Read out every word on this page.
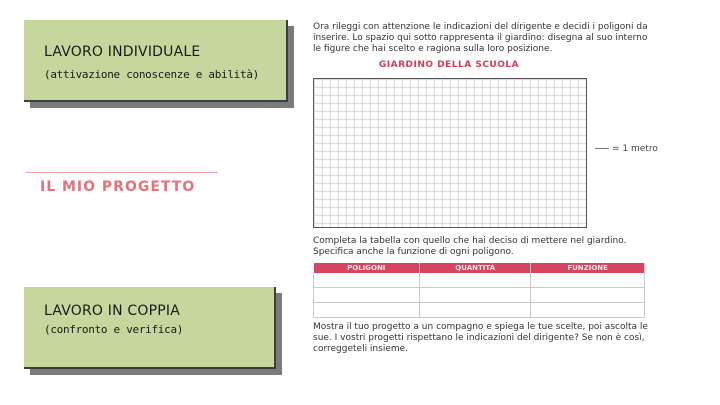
LAVORO INDIVIDUALE
(attivazione conoscenze e abilità)
IL MIO PROGETTO
LAVORO IN COPPIA
(confronto e verifica)
Ora rileggi con attenzione le indicazioni del dirigente e decidi i poligoni da inserire. Lo spazio qui sotto rappresenta il giardino: disegna al suo interno le figure che hai scelto e ragiona sulla loro posizione.
GIARDINO DELLA SCUOLA
= 1 metro
Completa la tabella con quello che hai deciso di mettere nel giardino. Specifica anche la funzione di ogni poligono.
POLIGONI	QUANTITÀ	FUNZIONE

Mostra il tuo progetto a un compagno e spiega le tue scelte, poi ascolta le sue. I vostri progetti rispettano le indicazioni del dirigente? Se non è così, correggeteli insieme.
